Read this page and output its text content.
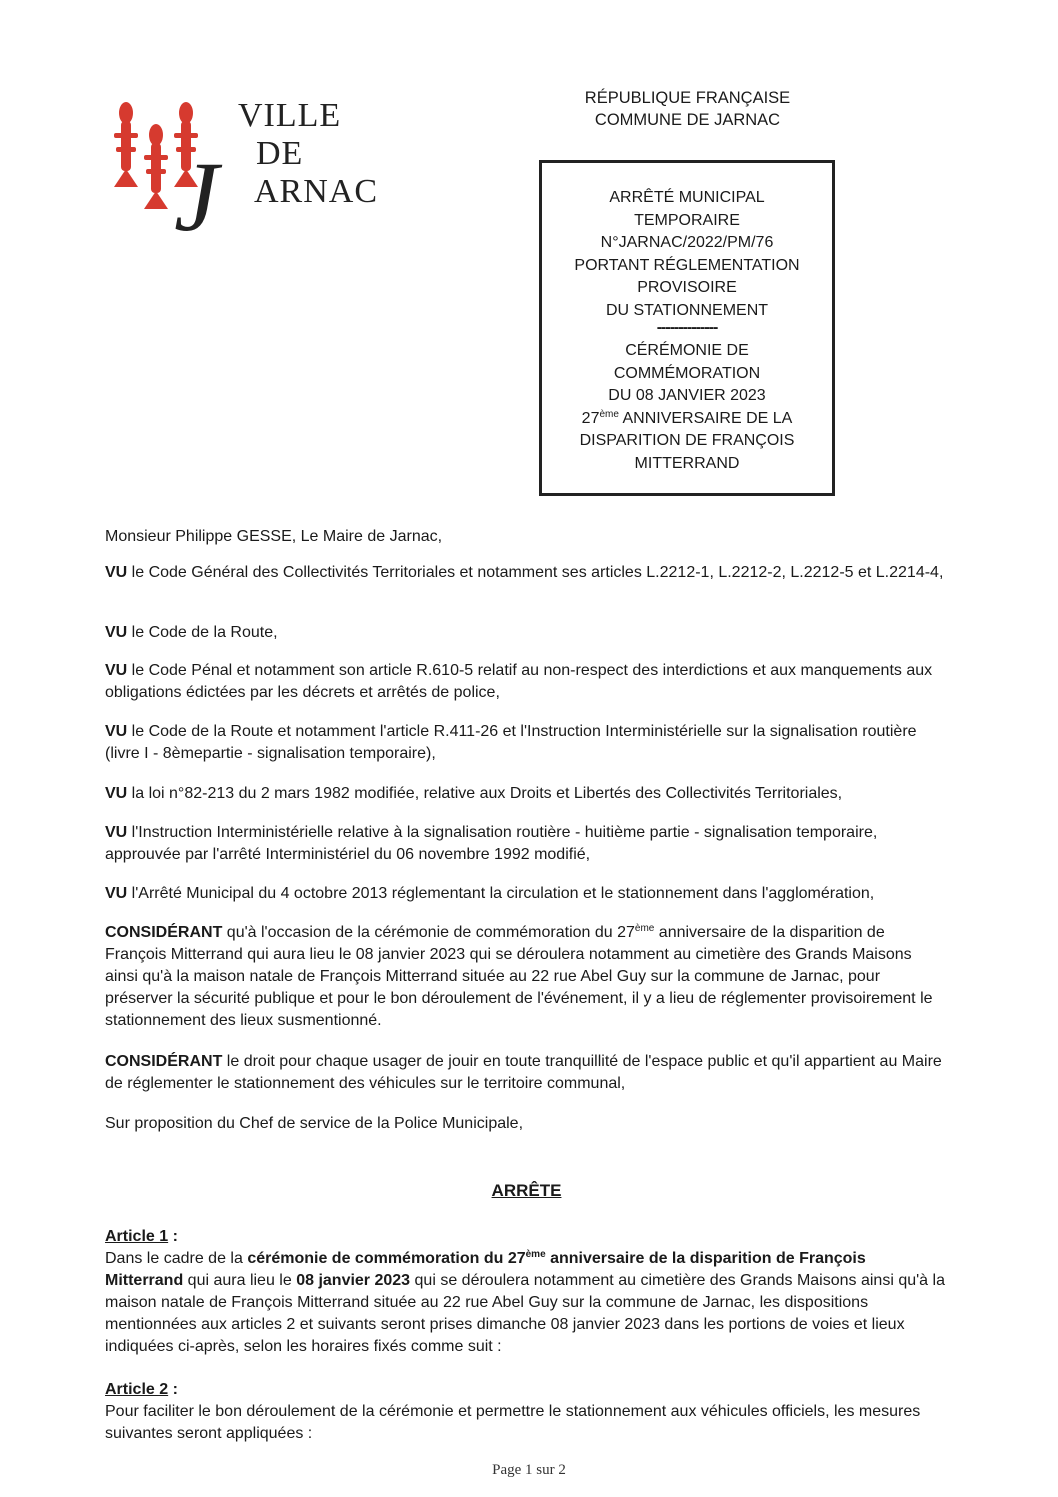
VILLE
DE
J ARNAC
RÉPUBLIQUE FRANÇAISE
COMMUNE DE JARNAC
ARRÊTÉ MUNICIPAL
TEMPORAIRE
N°JARNAC/2022/PM/76
PORTANT RÉGLEMENTATION
PROVISOIRE
DU STATIONNEMENT
--------------
CÉRÉMONIE DE
COMMÉMORATION
DU 08 JANVIER 2023
27ème ANNIVERSAIRE DE LA
DISPARITION DE FRANÇOIS
MITTERRAND

Monsieur Philippe GESSE, Le Maire de Jarnac,

VU le Code Général des Collectivités Territoriales et notamment ses articles L.2212-1, L.2212-2, L.2212-5 et L.2214-4,

VU le Code de la Route,

VU le Code Pénal et notamment son article R.610-5 relatif au non-respect des interdictions et aux manquements aux obligations édictées par les décrets et arrêtés de police,

VU le Code de la Route et notamment l'article R.411-26 et l'Instruction Interministérielle sur la signalisation routière (livre I - 8èmepartie - signalisation temporaire),

VU la loi n°82-213 du 2 mars 1982 modifiée, relative aux Droits et Libertés des Collectivités Territoriales,

VU l'Instruction Interministérielle relative à la signalisation routière - huitième partie - signalisation temporaire, approuvée par l'arrêté Interministériel du 06 novembre 1992 modifié,

VU l'Arrêté Municipal du 4 octobre 2013 réglementant la circulation et le stationnement dans l'agglomération,

CONSIDÉRANT qu'à l'occasion de la cérémonie de commémoration du 27ème anniversaire de la disparition de François Mitterrand qui aura lieu le 08 janvier 2023 qui se déroulera notamment au cimetière des Grands Maisons ainsi qu'à la maison natale de François Mitterrand située au 22 rue Abel Guy sur la commune de Jarnac, pour préserver la sécurité publique et pour le bon déroulement de l'événement, il y a lieu de réglementer provisoirement le stationnement des lieux susmentionné.

CONSIDÉRANT le droit pour chaque usager de jouir en toute tranquillité de l'espace public et qu'il appartient au Maire de réglementer le stationnement des véhicules sur le territoire communal,

Sur proposition du Chef de service de la Police Municipale,

ARRÊTE

Article 1 :

Dans le cadre de la cérémonie de commémoration du 27ème anniversaire de la disparition de François Mitterrand qui aura lieu le 08 janvier 2023 qui se déroulera notamment au cimetière des Grands Maisons ainsi qu'à la maison natale de François Mitterrand située au 22 rue Abel Guy sur la commune de Jarnac, les dispositions mentionnées aux articles 2 et suivants seront prises dimanche 08 janvier 2023 dans les portions de voies et lieux indiquées ci-après, selon les horaires fixés comme suit :

Article 2 :

Pour faciliter le bon déroulement de la cérémonie et permettre le stationnement aux véhicules officiels, les mesures suivantes seront appliquées :

Page 1 sur 2
